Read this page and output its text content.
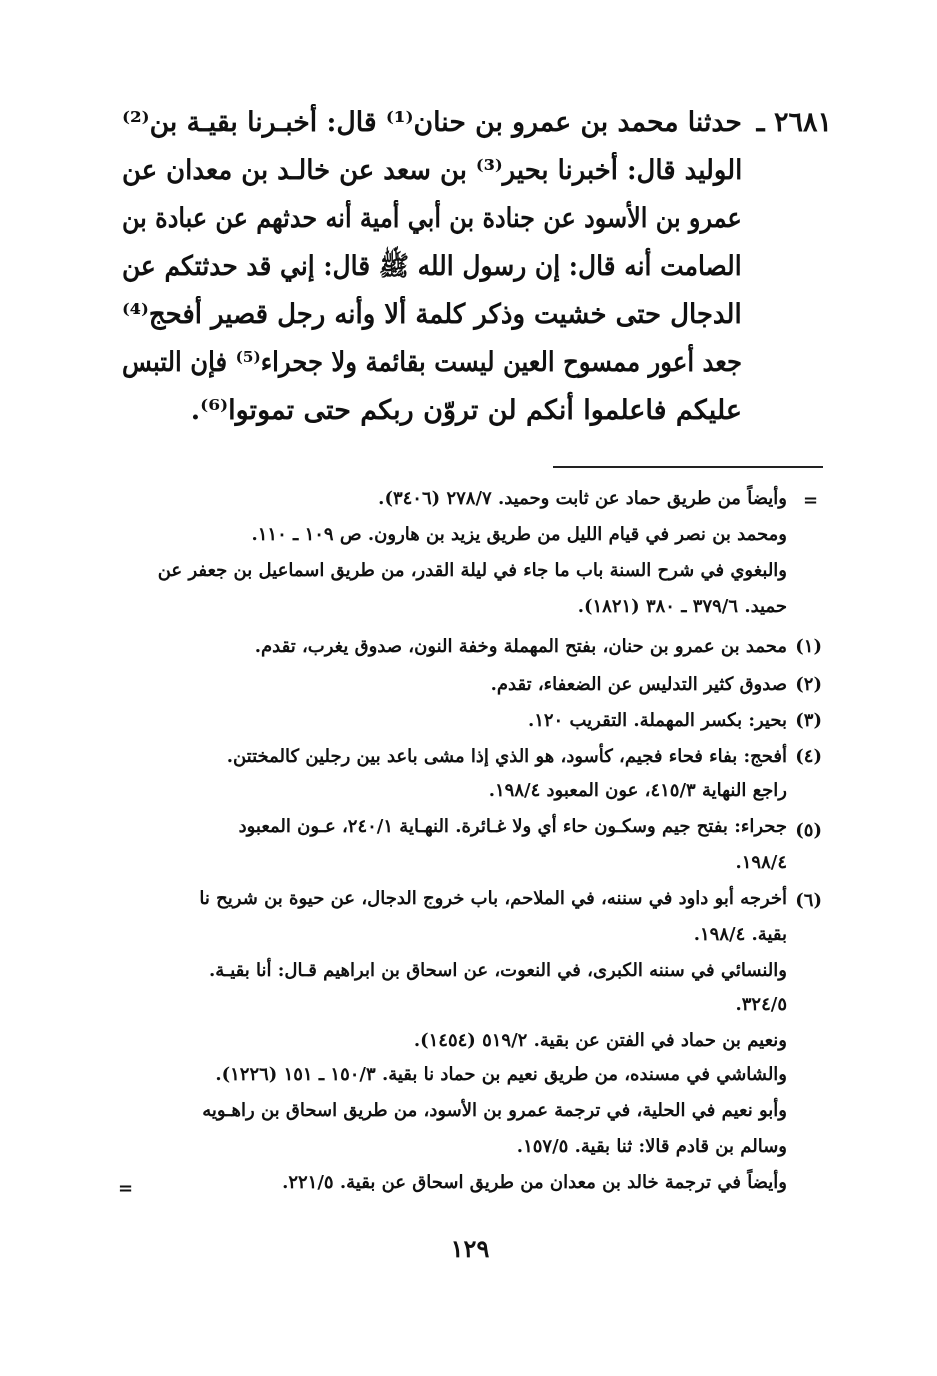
٢٦٨١ ـ
حدثنا محمد بن عمرو بن حنان⁽¹⁾ قال: أخبـرنا بقيـة بن⁽²⁾
الوليد قال: أخبرنا بحير⁽³⁾ بن سعد عن خالـد بن معدان عن
عمرو بن الأسود عن جنادة بن أبي أمية أنه حدثهم عن عبادة بن
الصامت أنه قال: إن رسول الله ﷺ قال: إني قد حدثتكم عن
الدجال حتى خشيت وذكر كلمة ألا وأنه رجل قصير أفحج⁽⁴⁾
جعد أعور ممسوح العين ليست بقائمة ولا جحراء⁽⁵⁾ فإن التبس
عليكم فاعلموا أنكم لن تروّن ربكم حتى تموتوا⁽⁶⁾.
=
=
وأيضاً من طريق حماد عن ثابت وحميد. ٢٧٨/٧ (٣٤٠٦).
ومحمد بن نصر في قيام الليل من طريق يزيد بن هارون. ص ١٠٩ ـ ١١٠.
والبغوي في شرح السنة باب ما جاء في ليلة القدر، من طريق اسماعيل بن جعفر عن
حميد. ٣٧٩/٦ ـ ٣٨٠ (١٨٢١).
(١)
محمد بن عمرو بن حنان، بفتح المهملة وخفة النون، صدوق يغرب، تقدم.
(٢)
صدوق كثير التدليس عن الضعفاء، تقدم.
(٣)
بحير: بكسر المهملة. التقريب ١٢٠.
(٤)
أفحج: بفاء فحاء فجيم، كأسود، هو الذي إذا مشى باعد بين رجلين كالمختتن.
راجع النهاية ٤١٥/٣، عون المعبود ١٩٨/٤.
(٥)
جحراء: بفتح جيم وسكـون حاء أي ولا غـائرة. النهـاية ٢٤٠/١، عـون المعبود
١٩٨/٤.
(٦)
أخرجه أبو داود في سننه، في الملاحم، باب خروج الدجال، عن حيوة بن شريح نا
بقية. ١٩٨/٤.
والنسائي في سننه الكبرى، في النعوت، عن اسحاق بن ابراهيم قـال: أنا بقيـة.
٣٢٤/٥.
ونعيم بن حماد في الفتن عن بقية. ٥١٩/٢ (١٤٥٤).
والشاشي في مسنده، من طريق نعيم بن حماد نا بقية. ١٥٠/٣ ـ ١٥١ (١٢٢٦).
وأبو نعيم في الحلية، في ترجمة عمرو بن الأسود، من طريق اسحاق بن راهـويه
وسالم بن قادم قالا: ثنا بقية. ١٥٧/٥.
وأيضاً في ترجمة خالد بن معدان من طريق اسحاق عن بقية. ٢٢١/٥.
١٢٩
